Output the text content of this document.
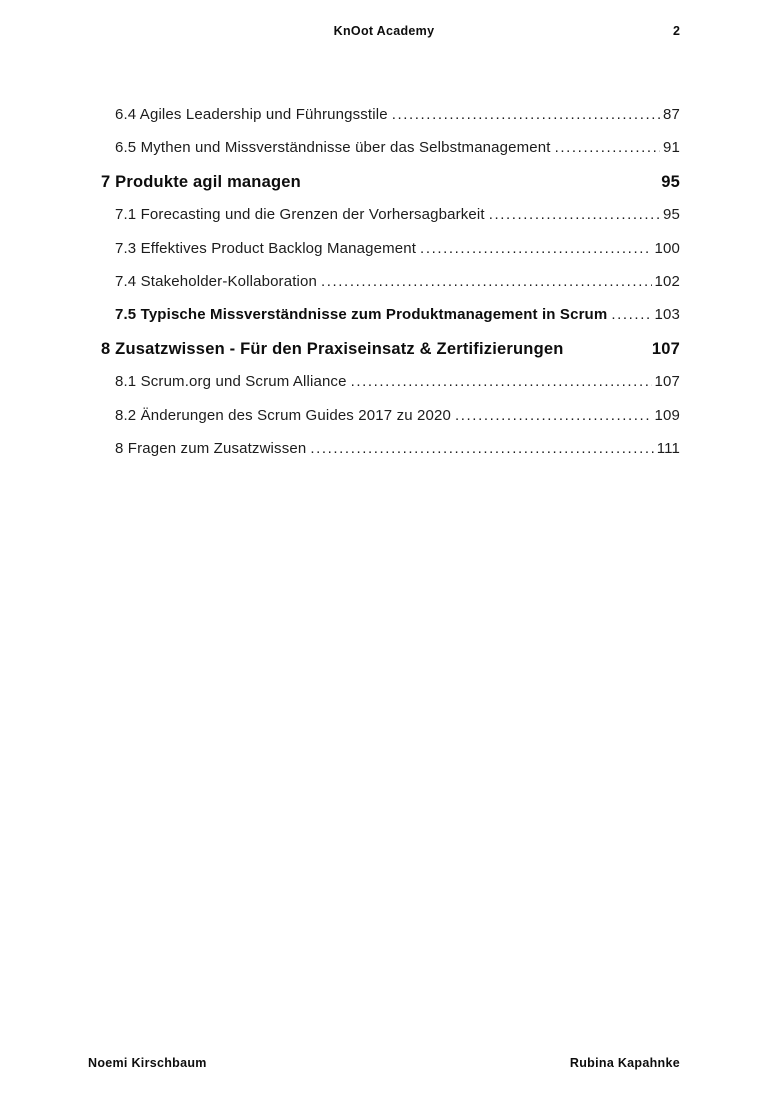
KnOot Academy	2
6.4 Agiles Leadership und Führungsstile .....	87
6.5 Mythen und Missverständnisse über das Selbstmanagement .....	91
7 Produkte agil managen	95
7.1 Forecasting und die Grenzen der Vorhersagbarkeit .....	95
7.3 Effektives Product Backlog Management .....	100
7.4 Stakeholder-Kollaboration .....	102
7.5 Typische Missverständnisse zum Produktmanagement in Scrum .....	103
8 Zusatzwissen - Für den Praxiseinsatz & Zertifizierungen	107
8.1 Scrum.org und Scrum Alliance .....	107
8.2 Änderungen des Scrum Guides 2017 zu 2020 .....	109
8 Fragen zum Zusatzwissen .....	111
Noemi Kirschbaum	Rubina Kapahnke
